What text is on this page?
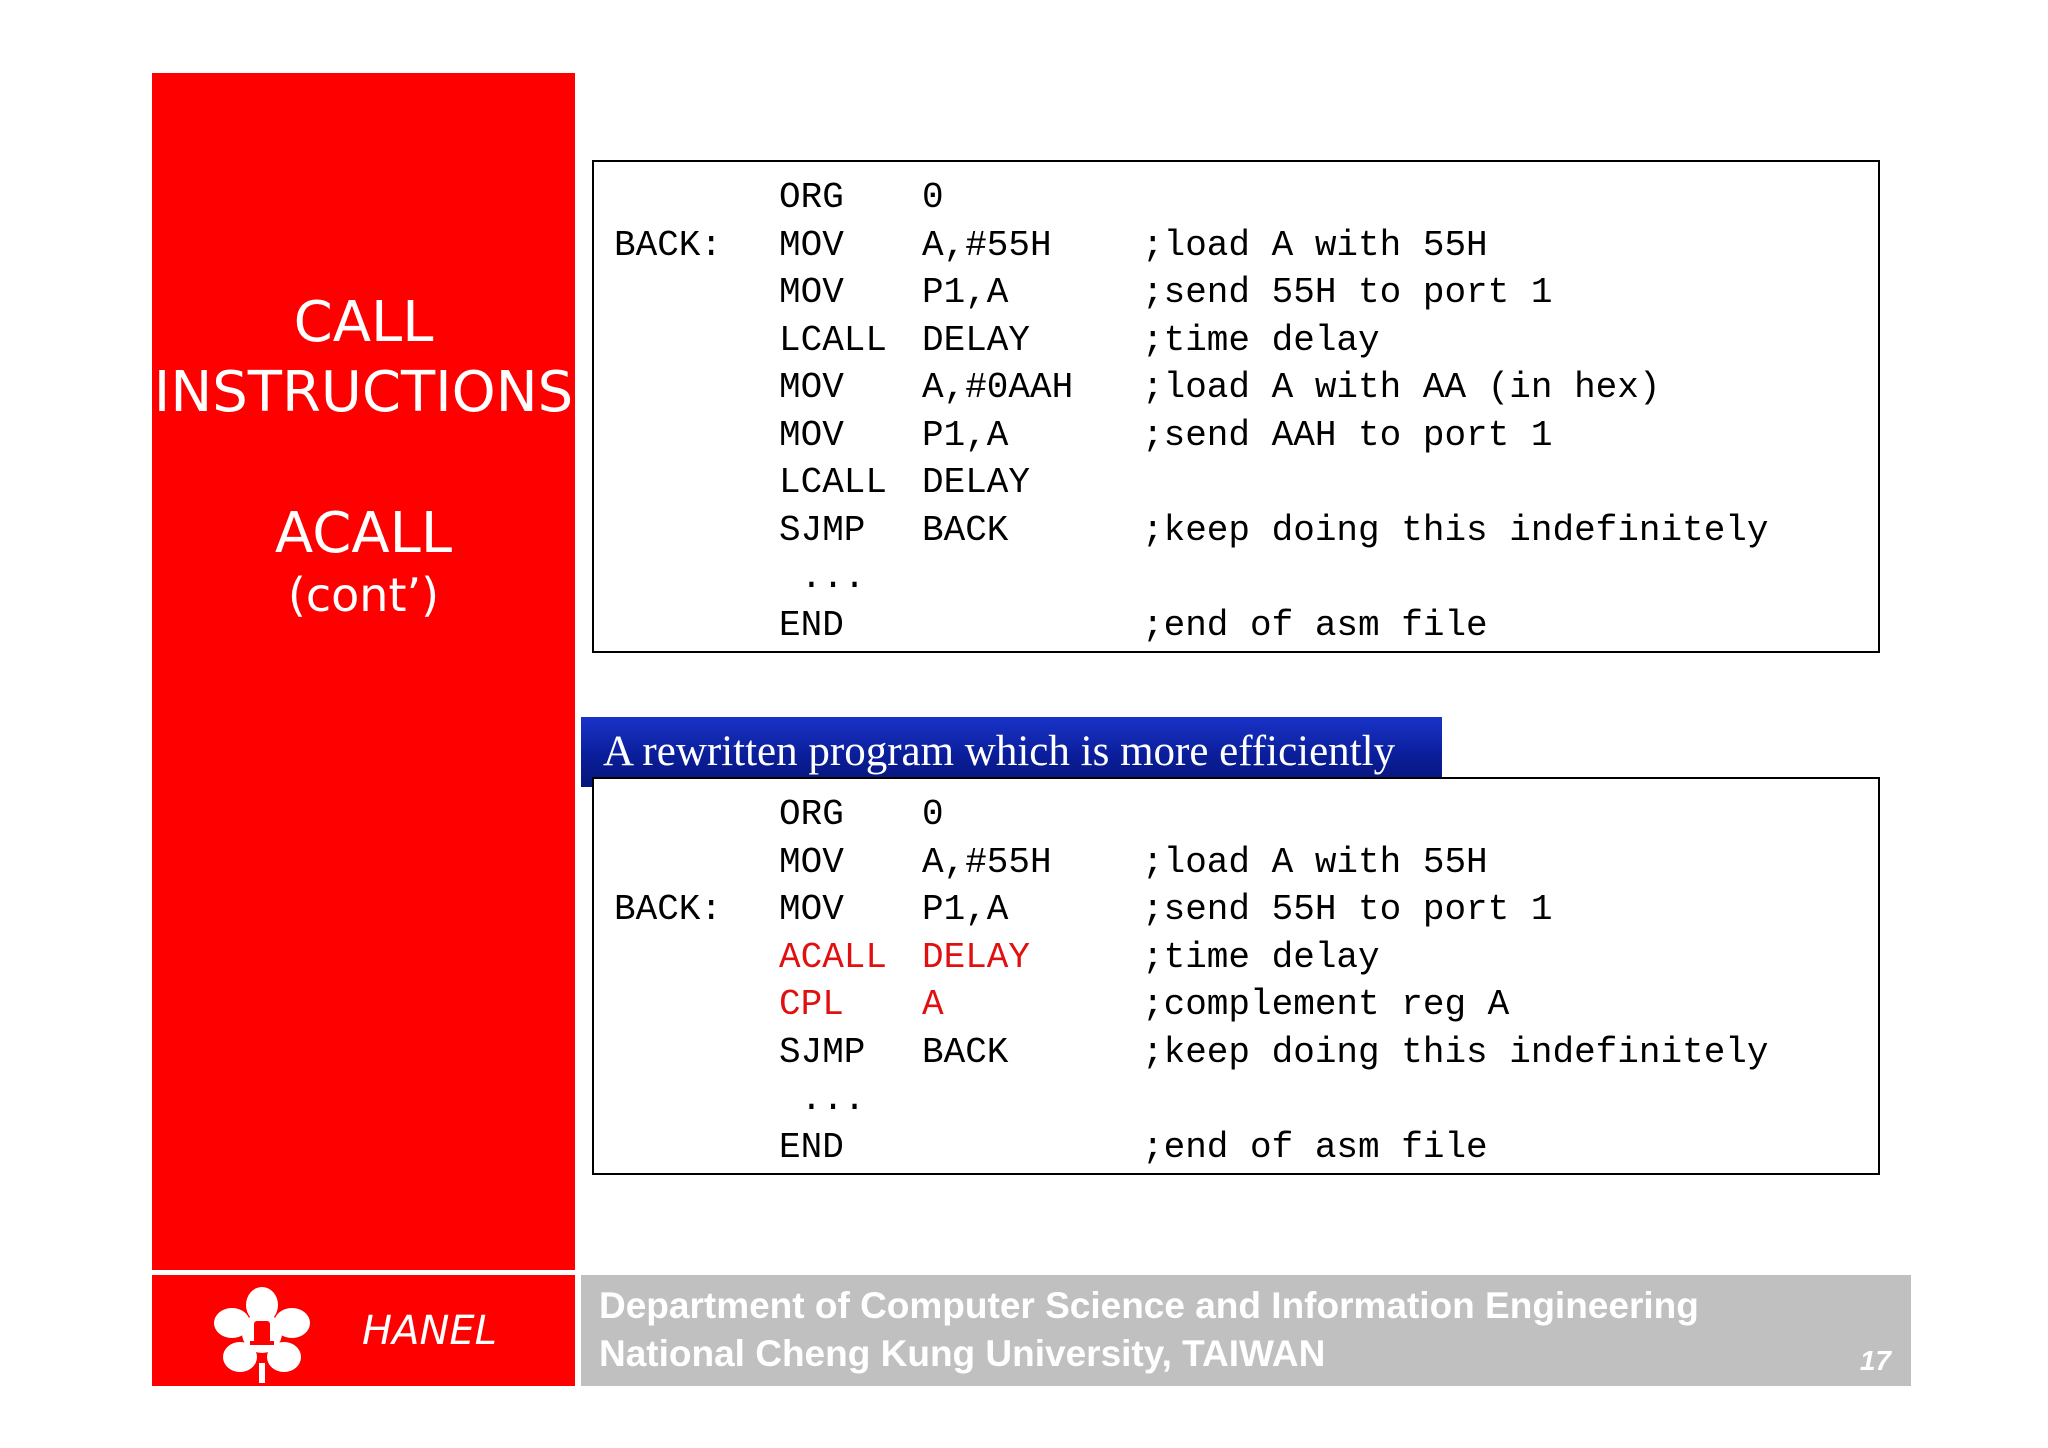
CALL
INSTRUCTIONS
ACALL
(cont’)
ORG 0
BACK: MOV A,#55H	;load A with 55H
MOV P1,A	;send 55H to port 1
LCALL DELAY	;time delay
MOV A,#0AAH ;load A with AA (in hex)
MOV P1,A	;send AAH to port 1
LCALL DELAY
SJMP BACK	;keep doing this indefinitely
...
END	;end of asm file
A rewritten program which is more efficiently
ORG 0
MOV A,#55H	;load A with 55H
BACK: MOV P1,A	;send 55H to port 1
ACALL DELAY	;time delay
CPL A	;complement reg A
SJMP BACK	;keep doing this indefinitely
...
END	;end of asm file
HANEL
Department of Computer Science and Information Engineering
National Cheng Kung University, TAIWAN	17
